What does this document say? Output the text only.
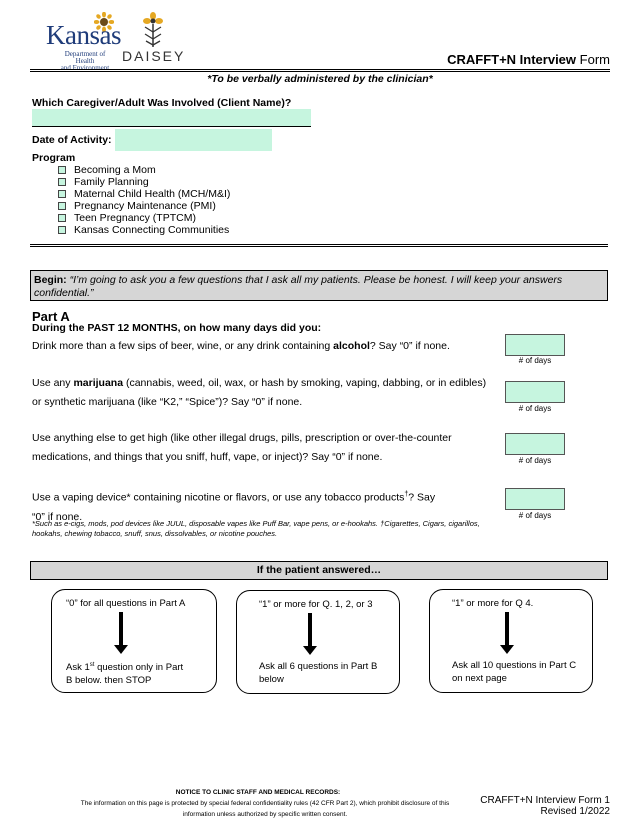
Kansas
Department of Health
and Environment
DAISEY	CRAFFT+N Interview Form
*To be verbally administered by the clinician*
Which Caregiver/Adult Was Involved (Client Name)?
Date of Activity:
Program
Becoming a Mom
Family Planning
Maternal Child Health (MCH/M&I)
Pregnancy Maintenance (PMI)
Teen Pregnancy (TPTCM)
Kansas Connecting Communities
Begin: “I’m going to ask you a few questions that I ask all my patients. Please be honest. I will keep your answers confidential.”
Part A
During the PAST 12 MONTHS, on how many days did you:
Drink more than a few sips of beer, wine, or any drink containing alcohol? Say “0” if none.
# of days
Use any marijuana (cannabis, weed, oil, wax, or hash by smoking, vaping, dabbing, or in edibles)
or synthetic marijuana (like “K2,” “Spice”)? Say “0” if none.
# of days
Use anything else to get high (like other illegal drugs, pills, prescription or over-the-counter
medications, and things that you sniff, huff, vape, or inject)? Say “0” if none.	# of days
Use a vaping device* containing nicotine or flavors, or use any tobacco products†? Say
“0” if none.	# of days
*Such as e-cigs, mods, pod devices like JUUL, disposable vapes like Puff Bar, vape pens, or e-hookahs. †Cigarettes, Cigars, cigarillos, hookahs, chewing tobacco, snuff, snus, dissolvables, or nicotine pouches.
If the patient answered…
“0” for all questions in Part A
Ask 1st question only in Part
B below. then STOP
“1” or more for Q. 1, 2, or 3
Ask all 6 questions in Part B
below
“1” or more for Q 4.
Ask all 10 questions in Part C
on next page
NOTICE TO CLINIC STAFF AND MEDICAL RECORDS:
The information on this page is protected by special federal confidentiality rules (42 CFR Part 2), which prohibit disclosure of this information unless authorized by specific written consent.
CRAFFT+N Interview Form 1
Revised 1/2022
